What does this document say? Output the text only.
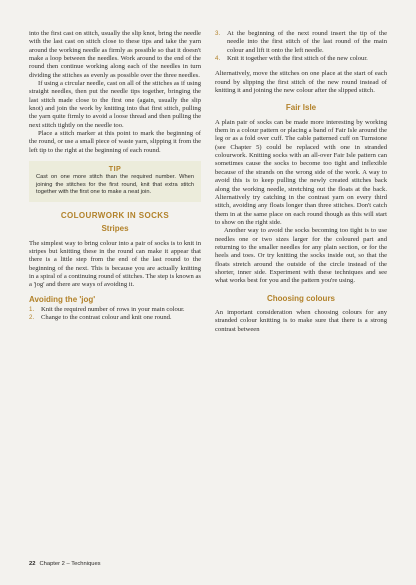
into the first cast on stitch, usually the slip knot, bring the needle with the last cast on stitch close to these tips and take the yarn around the working needle as firmly as possible so that it doesn't make a loop between the needles. Work around to the end of the round then continue working along each of the needles in turn dividing the stitches as evenly as possible over the three needles.

If using a circular needle, cast on all of the stitches as if using straight needles, then put the needle tips together, bringing the last stitch made close to the first one (again, usually the slip knot) and join the work by knitting into that first stitch, pulling the yarn quite firmly to avoid a loose thread and then pulling the next stitch tightly on the needle too.

Place a stitch marker at this point to mark the beginning of the round, or use a small piece of waste yarn, slipping it from the left tip to the right at the beginning of each round.

TIP

Cast on one more stitch than the required number. When joining the stitches for the first round, knit that extra stitch together with the first one to make a neat join.

COLOURWORK IN SOCKS
Stripes

The simplest way to bring colour into a pair of socks is to knit in stripes but knitting these in the round can make it appear that there is a little step from the end of the last round to the beginning of the next. This is because you are actually knitting in a spiral of a continuing round of stitches. The step is known as a 'jog' and there are ways of avoiding it.

Avoiding the 'jog'
1. Knit the required number of rows in your main colour.
2. Change to the contrast colour and knit one round.
3. At the beginning of the next round insert the tip of the needle into the first stitch of the last round of the main colour and lift it onto the left needle.
4. Knit it together with the first stitch of the new colour.

Alternatively, move the stitches on one place at the start of each round by slipping the first stitch of the new round instead of knitting it and joining the new colour after the slipped stitch.

Fair Isle

A plain pair of socks can be made more interesting by working them in a colour pattern or placing a band of Fair Isle around the leg or as a fold over cuff. The cable patterned cuff on Turnstone (see Chapter 5) could be replaced with one in stranded colourwork. Knitting socks with an all-over Fair Isle pattern can sometimes cause the socks to become too tight and inflexible because of the strands on the wrong side of the work. A way to avoid this is to keep pulling the newly created stitches back along the working needle, stretching out the floats at the back. Alternatively try catching in the contrast yarn on every third stitch, avoiding any floats longer than three stitches. Don't catch them in at the same place on each round though as this will start to show on the right side.

Another way to avoid the socks becoming too tight is to use needles one or two sizes larger for the coloured part and returning to the smaller needles for any plain section, or for the heels and toes. Or try knitting the socks inside out, so that the floats stretch around the outside of the circle instead of the shorter, inner side. Experiment with these techniques and see what works best for you and the pattern you're using.

Choosing colours

An important consideration when choosing colours for any stranded colour knitting is to make sure that there is a strong contrast between

22 Chapter 2 – Techniques
